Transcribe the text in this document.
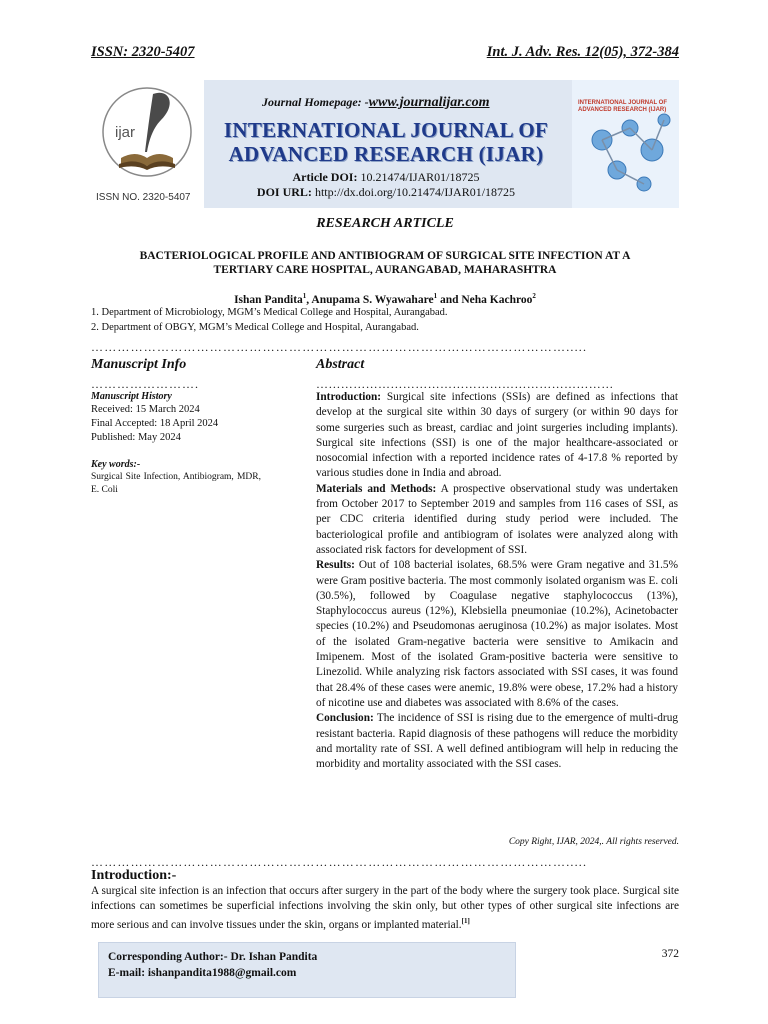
ISSN: 2320-5407	Int. J. Adv. Res. 12(05), 372-384
ijar
ISSN NO. 2320-5407
INTERNATIONAL JOURNAL OF ADVANCED RESEARCH (IJAR)
Journal Homepage: -www.journalijar.com
INTERNATIONAL JOURNAL OF
ADVANCED RESEARCH (IJAR)
Article DOI: 10.21474/IJAR01/18725
DOI URL: http://dx.doi.org/10.21474/IJAR01/18725
RESEARCH ARTICLE
BACTERIOLOGICAL PROFILE AND ANTIBIOGRAM OF SURGICAL SITE INFECTION AT A
TERTIARY CARE HOSPITAL, AURANGABAD, MAHARASHTRA
Ishan Pandita$^1$, Anupama S. Wyawahare$^1$ and Neha Kachroo$^2$
1. Department of Microbiology, MGM’s Medical College and Hospital, Aurangabad.
2. Department of OBGY, MGM’s Medical College and Hospital, Aurangabad.
……………………………………………………………………………………………….....
Manuscript Info
…………………….
Manuscript History
Received: 15 March 2024
Final Accepted: 18 April 2024
Published: May 2024
Key words:-
Surgical Site Infection, Antibiogram, MDR, E. Coli
Abstract
………………………………………………………………
Introduction: Surgical site infections (SSIs) are defined as infections that develop at the surgical site within 30 days of surgery (or within 90 days for some surgeries such as breast, cardiac and joint surgeries including implants). Surgical site infections (SSI) is one of the major healthcare-associated or nosocomial infection with a reported incidence rates of 4-17.8 % reported by various studies done in India and abroad.
Materials and Methods: A prospective observational study was undertaken from October 2017 to September 2019 and samples from 116 cases of SSI, as per CDC criteria identified during study period were included. The bacteriological profile and antibiogram of isolates were analyzed along with associated risk factors for development of SSI.
Results: Out of 108 bacterial isolates, 68.5% were Gram negative and 31.5% were Gram positive bacteria. The most commonly isolated organism was E. coli (30.5%), followed by Coagulase negative staphylococcus (13%), Staphylococcus aureus (12%), Klebsiella pneumoniae (10.2%), Acinetobacter species (10.2%) and Pseudomonas aeruginosa (10.2%) as major isolates. Most of the isolated Gram-negative bacteria were sensitive to Amikacin and Imipenem. Most of the isolated Gram-positive bacteria were sensitive to Linezolid. While analyzing risk factors associated with SSI cases, it was found that 28.4% of these cases were anemic, 19.8% were obese, 17.2% had a history of nicotine use and diabetes was associated with 8.6% of the cases.
Conclusion: The incidence of SSI is rising due to the emergence of multi-drug resistant bacteria. Rapid diagnosis of these pathogens will reduce the morbidity and mortality rate of SSI. A well defined antibiogram will help in reducing the morbidity and mortality associated with the SSI cases.
Copy Right, IJAR, 2024,. All rights reserved.
……………………………………………………………………………………………….....
Introduction:-
A surgical site infection is an infection that occurs after surgery in the part of the body where the surgery took place. Surgical site infections can sometimes be superficial infections involving the skin only, but other types of other surgical site infections are more serious and can involve tissues under the skin, organs or implanted material.[1]
Corresponding Author:- Dr. Ishan Pandita
E-mail: ishanpandita1988@gmail.com
372
